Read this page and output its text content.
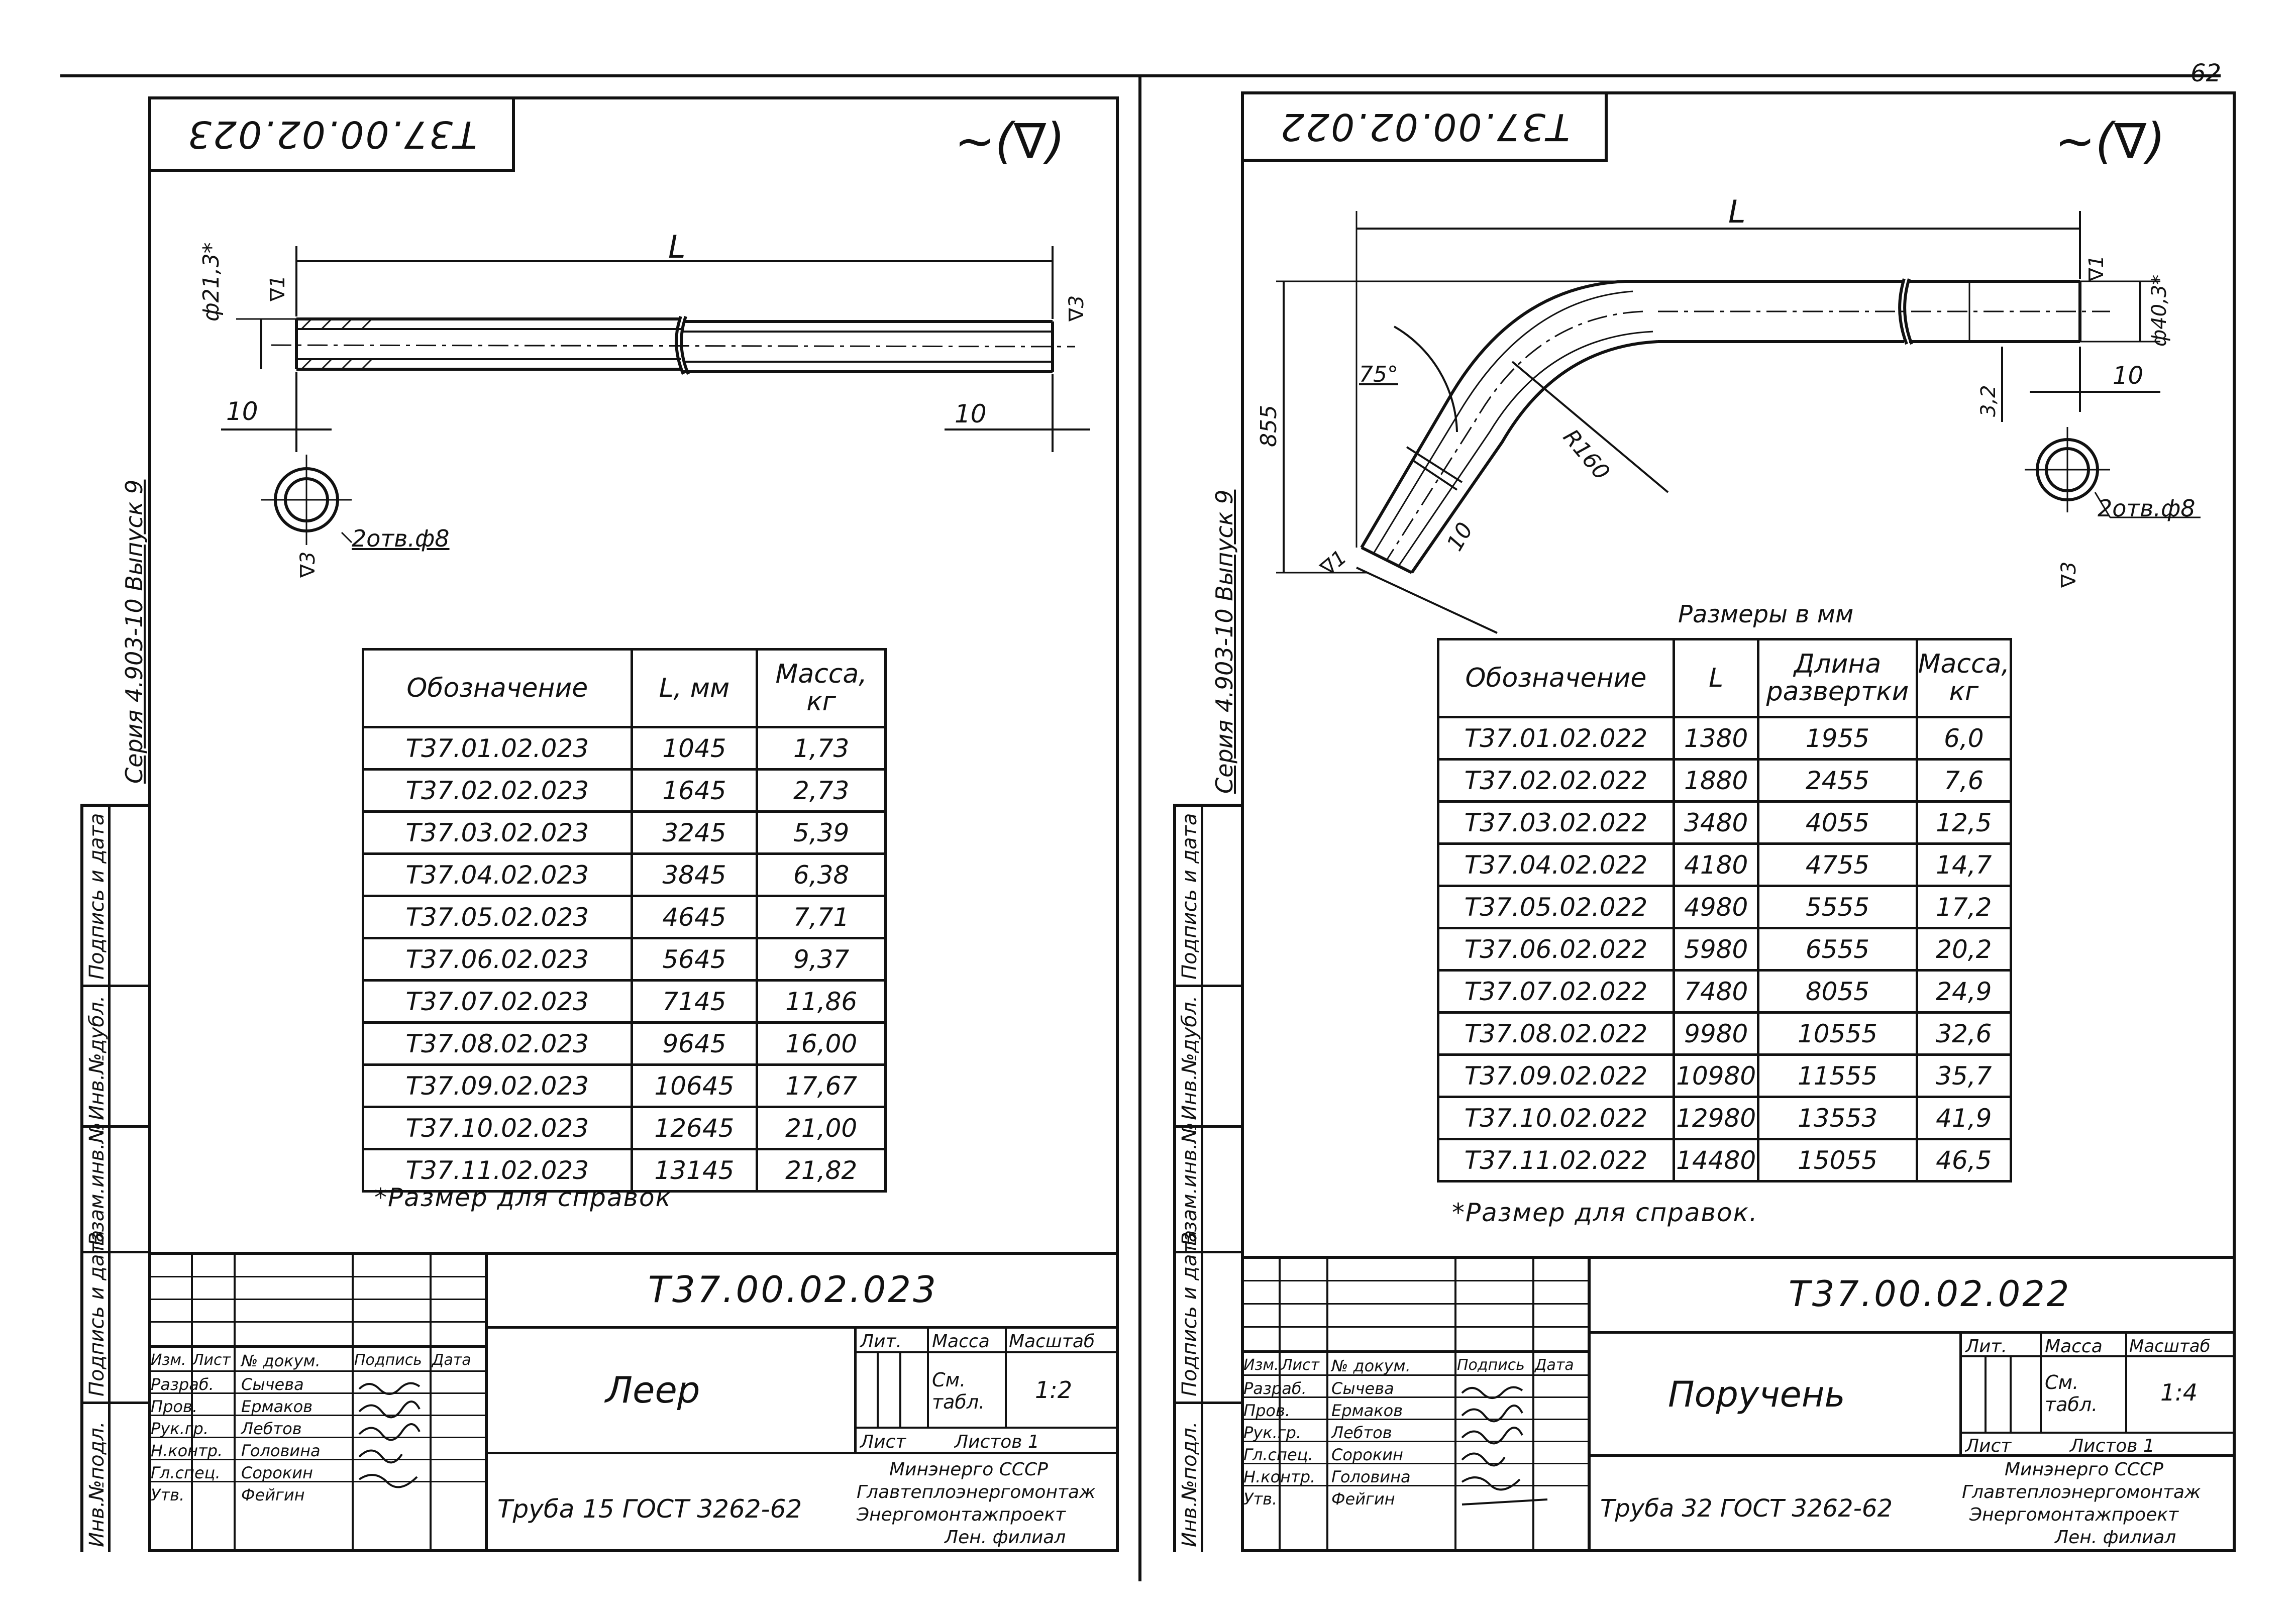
62
Т37.00.02.023	∼(∇)
Серия 4.903-10 Выпуск 9
Подпись и дата
Инв.№дубл.
Взам.инв.№
Подпись и дата
Инв.№подл.
L
ф21,3* ∇1
∇3
10	10
2отв.ф8
∇3
Обозначение	L, мм	Масса, кг
Т37.01.02.023	1045	1,73
Т37.02.02.023	1645	2,73
Т37.03.02.023	3245	5,39
Т37.04.02.023	3845	6,38
Т37.05.02.023	4645	7,71
Т37.06.02.023	5645	9,37
Т37.07.02.023	7145	11,86
Т37.08.02.023	9645	16,00
Т37.09.02.023	10645	17,67
Т37.10.02.023	12645	21,00
Т37.11.02.023	13145	21,82
*Размер для справок
Т37.00.02.023
Леер
Труба 15 ГОСТ 3262-62
Лит. Масса Масштаб
См. табл.	1:2
Лист	Листов 1
Минэнерго СССР
Главтеплоэнергомонтаж
Энергомонтажпроект
Лен. филиал
Изм. Лист № докум. Подпись Дата
Разраб. Сычева
Пров.	Ермаков
Рук.гр. Лебтов
Н.контр. Головина
Гл.спец. Сорокин
Утв.	Фейгин
Т37.00.02.022	∼(∇)
Серия 4.903-10 Выпуск 9
Подпись и дата
Инв.№дубл.
Взам.инв.№
Подпись и дата
Инв.№подл.
L
75°
855	R160
10
∇1
∇1
ф40,3*
10
3,2
2отв.ф8
∇3
Размеры в мм
Обозначение	L	Длина развертки	Масса, кг
Т37.01.02.022	1380	1955	6,0
Т37.02.02.022	1880	2455	7,6
Т37.03.02.022	3480	4055	12,5
Т37.04.02.022	4180	4755	14,7
Т37.05.02.022	4980	5555	17,2
Т37.06.02.022	5980	6555	20,2
Т37.07.02.022	7480	8055	24,9
Т37.08.02.022	9980	10555	32,6
Т37.09.02.022	10980	11555	35,7
Т37.10.02.022	12980	13553	41,9
Т37.11.02.022	14480	15055	46,5
*Размер для справок.
Т37.00.02.022
Поручень
Труба 32 ГОСТ 3262-62
Лит. Масса Масштаб
См. табл.	1:4
Лист	Листов 1
Минэнерго СССР
Главтеплоэнергомонтаж
Энергомонтажпроект
Лен. филиал
Изм. Лист № докум.	Подпись Дата
Разраб. Сычева
Пров.	Ермаков
Рук.гр. Лебтов
Гл.спец. Сорокин
Н.контр. Головина
Утв.	Фейгин
